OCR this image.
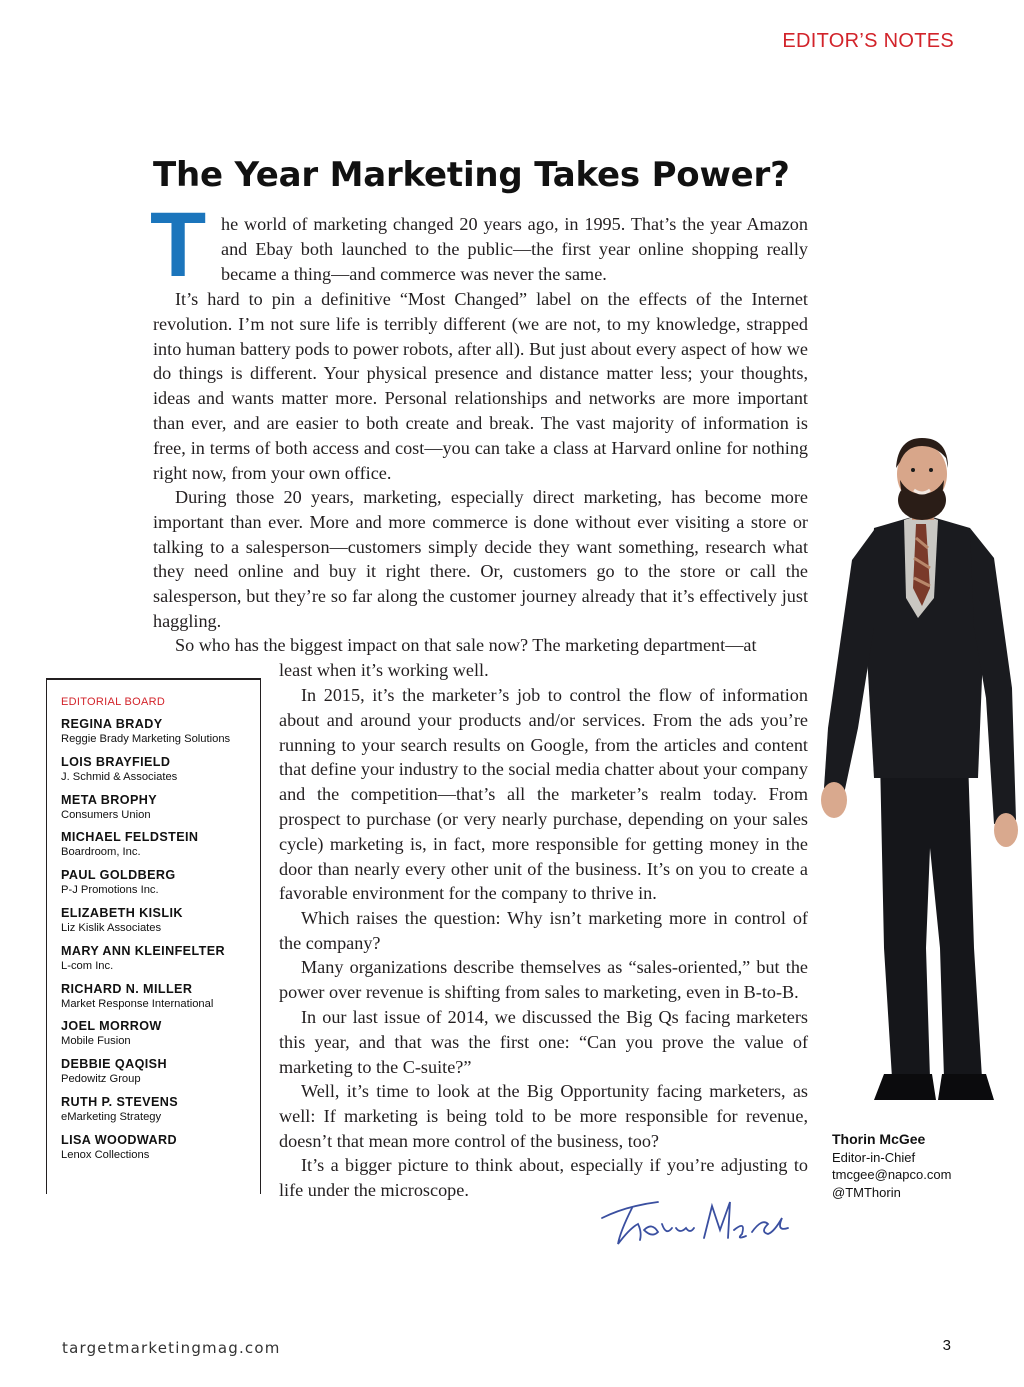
EDITOR’S NOTES
The Year Marketing Takes Power?
T he world of marketing changed 20 years ago, in 1995. That’s the year Amazon and Ebay both launched to the public—the first year online shopping really became a thing—and commerce was never the same.

It’s hard to pin a definitive “Most Changed” label on the effects of the Internet revolution. I’m not sure life is terribly different (we are not, to my knowledge, strapped into human battery pods to power robots, after all). But just about every aspect of how we do things is different. Your physical presence and distance matter less; your thoughts, ideas and wants matter more. Personal relationships and networks are more important than ever, and are easier to both create and break. The vast majority of information is free, in terms of both access and cost—you can take a class at Harvard online for nothing right now, from your own office.

During those 20 years, marketing, especially direct marketing, has become more important than ever. More and more commerce is done without ever visiting a store or talking to a salesperson—customers simply decide they want something, research what they need online and buy it right there. Or, customers go to the store or call the salesperson, but they’re so far along the customer journey already that it’s effectively just haggling.

So who has the biggest impact on that sale now? The marketing department—at

least when it’s working well.

In 2015, it’s the marketer’s job to control the flow of information about and around your products and/or services. From the ads you’re running to your search results on Google, from the articles and content that define your industry to the social media chatter about your company and the competition—that’s all the marketer’s realm today. From prospect to purchase (or very nearly purchase, depending on your sales cycle) marketing is, in fact, more responsible for getting money in the door than nearly every other unit of the business. It’s on you to create a favorable environment for the company to thrive in.

Which raises the question: Why isn’t marketing more in control of the company?

Many organizations describe themselves as “sales-oriented,” but the power over revenue is shifting from sales to marketing, even in B-to-B.

In our last issue of 2014, we discussed the Big Qs facing marketers this year, and that was the first one: “Can you prove the value of marketing to the C-suite?”

Well, it’s time to look at the Big Opportunity facing marketers, as well: If marketing is being told to be more responsible for revenue, doesn’t that mean more control of the business, too?

It’s a bigger picture to think about, especially if you’re adjusting to life under the microscope.

EDITORIAL BOARD
REGINA BRADY
Reggie Brady Marketing Solutions
LOIS BRAYFIELD
J. Schmid & Associates
META BROPHY
Consumers Union
MICHAEL FELDSTEIN
Boardroom, Inc.
PAUL GOLDBERG
P-J Promotions Inc.
ELIZABETH KISLIK
Liz Kislik Associates
MARY ANN KLEINFELTER
L-com Inc.
RICHARD N. MILLER
Market Response International
JOEL MORROW
Mobile Fusion
DEBBIE QAQISH
Pedowitz Group
RUTH P. STEVENS
eMarketing Strategy
LISA WOODWARD
Lenox Collections
Thorin McGee
Editor-in-Chief
tmcgee@napco.com
@TMThorin
targetmarketingmag.com	3
